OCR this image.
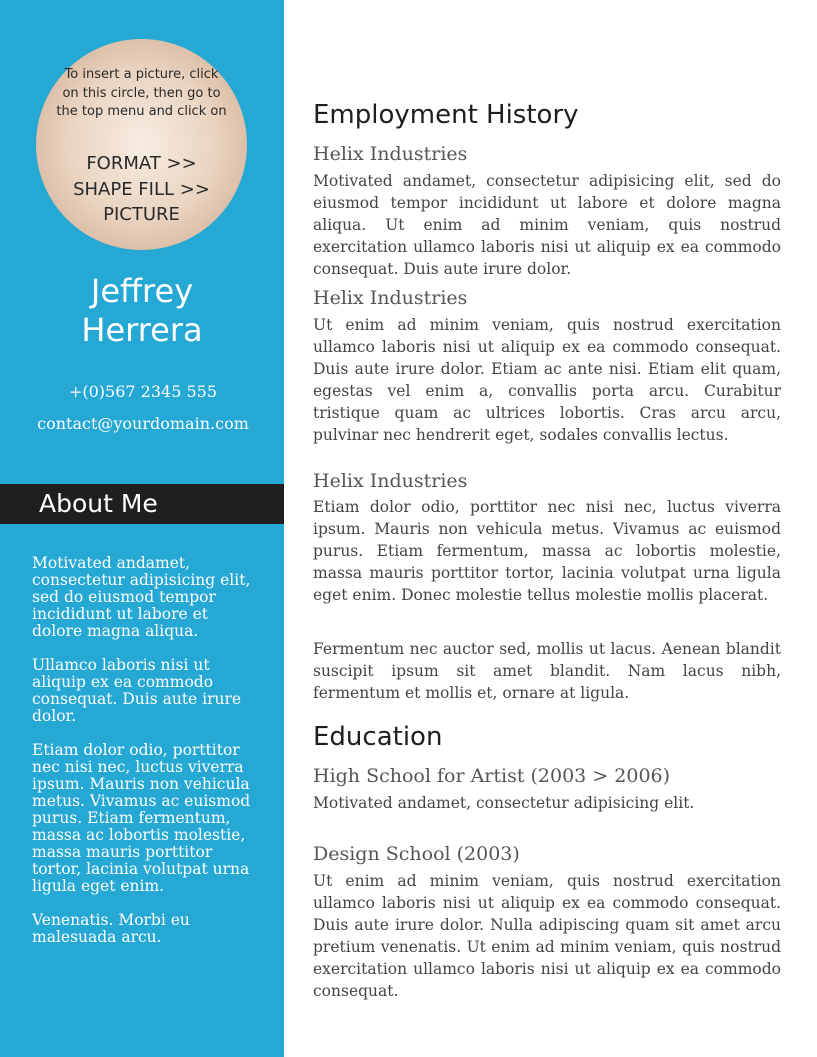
To insert a picture, click on this circle, then go to the top menu and click on
FORMAT >> SHAPE FILL >> PICTURE
Jeffrey
Herrera
+(0)567 2345 555
contact@yourdomain.com
About Me

Motivated andamet, consectetur adipisicing elit, sed do eiusmod tempor incididunt ut labore et dolore magna aliqua.

Ullamco laboris nisi ut aliquip ex ea commodo consequat. Duis aute irure dolor.

Etiam dolor odio, porttitor nec nisi nec, luctus viverra ipsum. Mauris non vehicula metus. Vivamus ac euismod purus. Etiam fermentum, massa ac lobortis molestie, massa mauris porttitor tortor, lacinia volutpat urna ligula eget enim.

Venenatis. Morbi eu malesuada arcu.

Employment History
Helix Industries

Motivated andamet, consectetur adipisicing elit, sed do eiusmod tempor incididunt ut labore et dolore magna aliqua. Ut enim ad minim veniam, quis nostrud exercitation ullamco laboris nisi ut aliquip ex ea commodo consequat. Duis aute irure dolor.

Helix Industries

Ut enim ad minim veniam, quis nostrud exercitation ullamco laboris nisi ut aliquip ex ea commodo consequat. Duis aute irure dolor. Etiam ac ante nisi. Etiam elit quam, egestas vel enim a, convallis porta arcu. Curabitur tristique quam ac ultrices lobortis. Cras arcu arcu, pulvinar nec hendrerit eget, sodales convallis lectus.

Helix Industries

Etiam dolor odio, porttitor nec nisi nec, luctus viverra ipsum. Mauris non vehicula metus. Vivamus ac euismod purus. Etiam fermentum, massa ac lobortis molestie, massa mauris porttitor tortor, lacinia volutpat urna ligula eget enim. Donec molestie tellus molestie mollis placerat.

Fermentum nec auctor sed, mollis ut lacus. Aenean blandit suscipit ipsum sit amet blandit. Nam lacus nibh, fermentum et mollis et, ornare at ligula.

Education
High School for Artist (2003 > 2006)

Motivated andamet, consectetur adipisicing elit.

Design School (2003)

Ut enim ad minim veniam, quis nostrud exercitation ullamco laboris nisi ut aliquip ex ea commodo consequat. Duis aute irure dolor. Nulla adipiscing quam sit amet arcu pretium venenatis. Ut enim ad minim veniam, quis nostrud exercitation ullamco laboris nisi ut aliquip ex ea commodo consequat.
